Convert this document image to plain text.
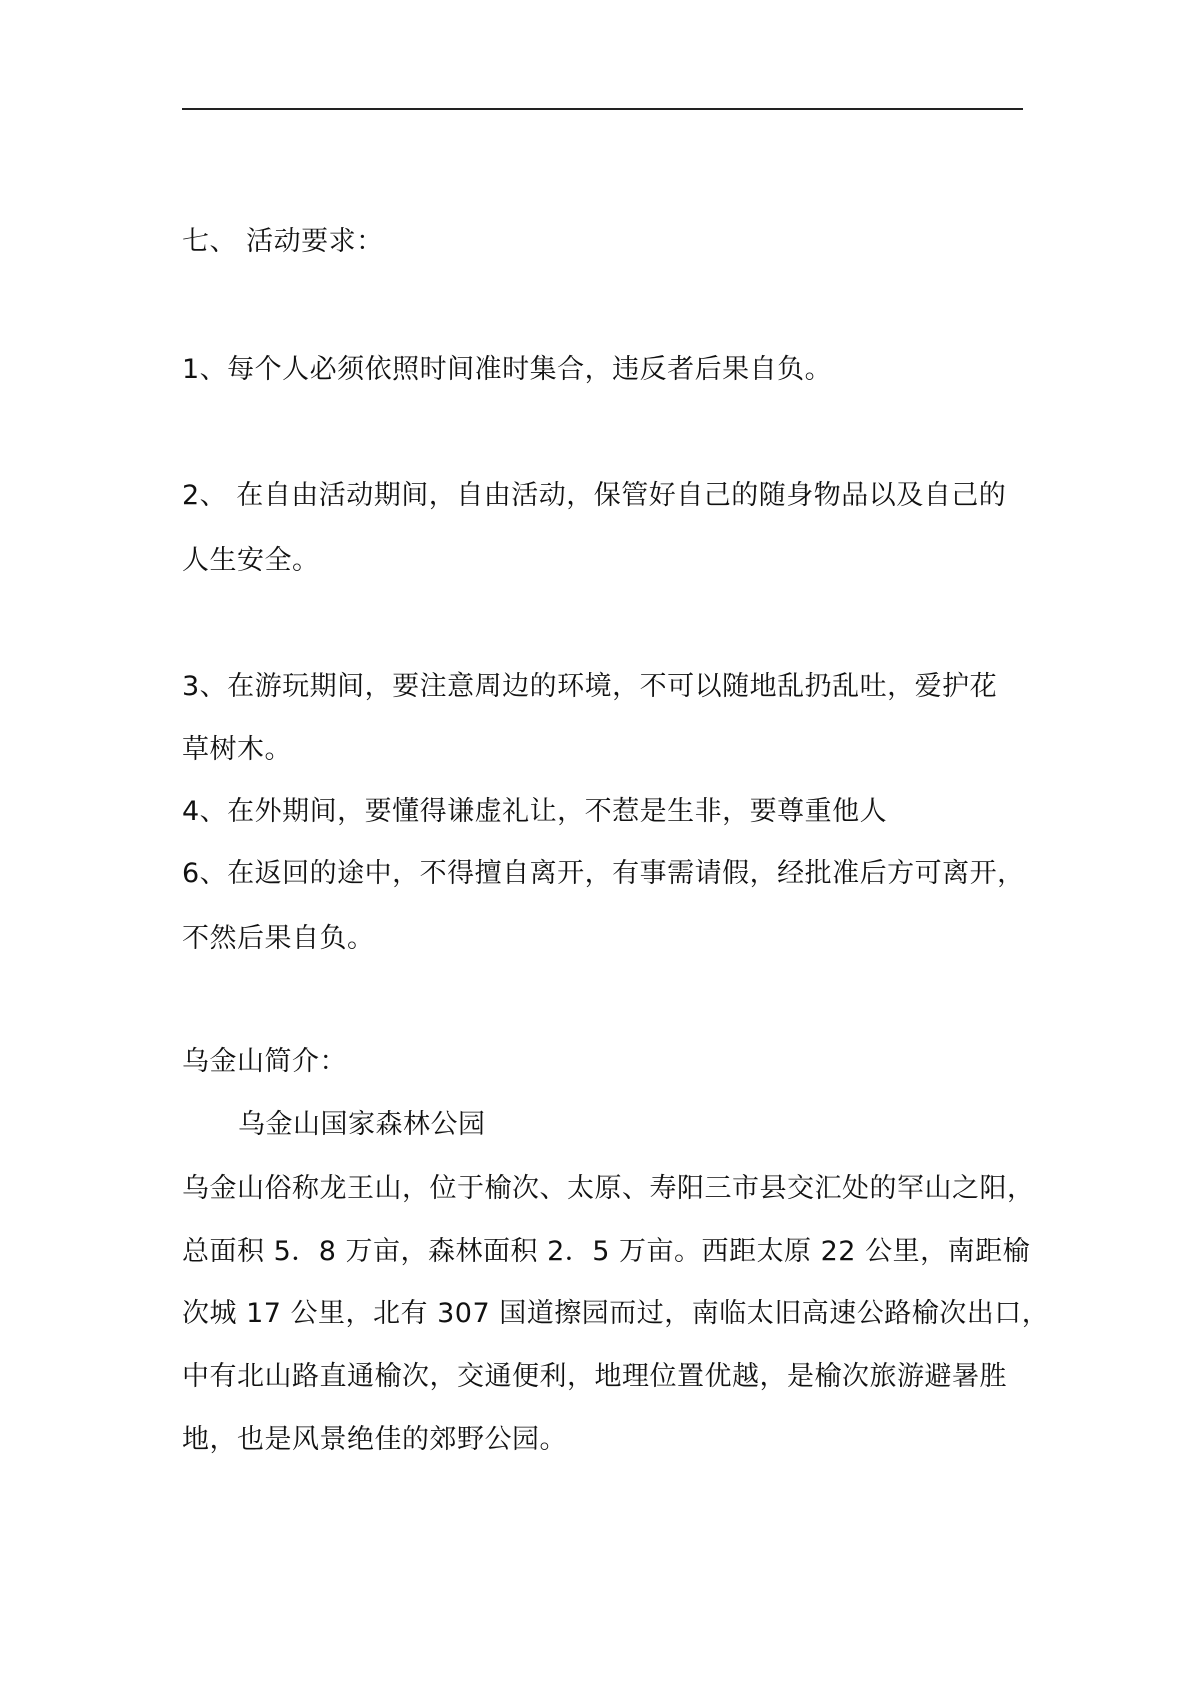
七、 活动要求：
1、每个人必须依照时间准时集合，违反者后果自负。
2、 在自由活动期间，自由活动，保管好自己的随身物品以及自己的
人生安全。
3、在游玩期间，要注意周边的环境，不可以随地乱扔乱吐，爱护花
草树木。
4、在外期间，要懂得谦虚礼让，不惹是生非，要尊重他人
6、在返回的途中，不得擅自离开，有事需请假，经批准后方可离开，
不然后果自负。
乌金山简介：
乌金山国家森林公园
乌金山俗称龙王山，位于榆次、太原、寿阳三市县交汇处的罕山之阳，
总面积 5．8 万亩，森林面积 2．5 万亩。西距太原 22 公里，南距榆
次城 17 公里，北有 307 国道擦园而过，南临太旧高速公路榆次出口，
中有北山路直通榆次，交通便利，地理位置优越，是榆次旅游避暑胜
地，也是风景绝佳的郊野公园。
